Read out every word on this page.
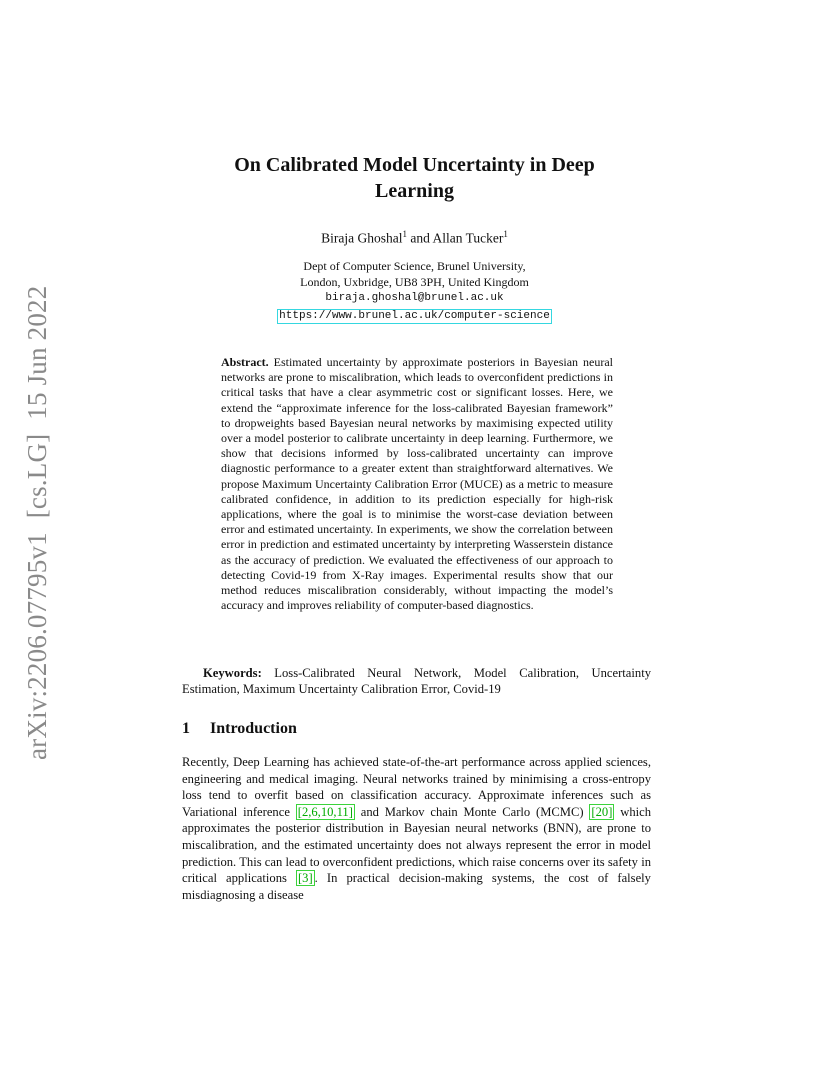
arXiv:2206.07795v1  [cs.LG]  15 Jun 2022
On Calibrated Model Uncertainty in Deep
Learning
Biraja Ghoshal$^1$ and Allan Tucker$^1$
Dept of Computer Science, Brunel University,
London, Uxbridge, UB8 3PH, United Kingdom
biraja.ghoshal@brunel.ac.uk
https://www.brunel.ac.uk/computer-science
Abstract. Estimated uncertainty by approximate posteriors in Bayesian neural networks are prone to miscalibration, which leads to overconfident predictions in critical tasks that have a clear asymmetric cost or significant losses. Here, we extend the “approximate inference for the loss-calibrated Bayesian framework” to dropweights based Bayesian neural networks by maximising expected utility over a model posterior to calibrate uncertainty in deep learning. Furthermore, we show that decisions informed by loss-calibrated uncertainty can improve diagnostic performance to a greater extent than straightforward alternatives. We propose Maximum Uncertainty Calibration Error (MUCE) as a metric to measure calibrated confidence, in addition to its prediction especially for high-risk applications, where the goal is to minimise the worst-case deviation between error and estimated uncertainty. In experiments, we show the correlation between error in prediction and estimated uncertainty by interpreting Wasserstein distance as the accuracy of prediction. We evaluated the effectiveness of our approach to detecting Covid-19 from X-Ray images. Experimental results show that our method reduces miscalibration considerably, without impacting the model’s accuracy and improves reliability of computer-based diagnostics.
Keywords: Loss-Calibrated Neural Network, Model Calibration, Uncertainty Estimation, Maximum Uncertainty Calibration Error, Covid-19
1 Introduction
Recently, Deep Learning has achieved state-of-the-art performance across applied sciences, engineering and medical imaging. Neural networks trained by minimising a cross-entropy loss tend to overfit based on classification accuracy. Approximate inferences such as Variational inference [2,6,10,11] and Markov chain Monte Carlo (MCMC) [20] which approximates the posterior distribution in Bayesian neural networks (BNN), are prone to miscalibration, and the estimated uncertainty does not always represent the error in model prediction. This can lead to overconfident predictions, which raise concerns over its safety in critical applications [3] . In practical decision-making systems, the cost of falsely misdiagnosing a disease
